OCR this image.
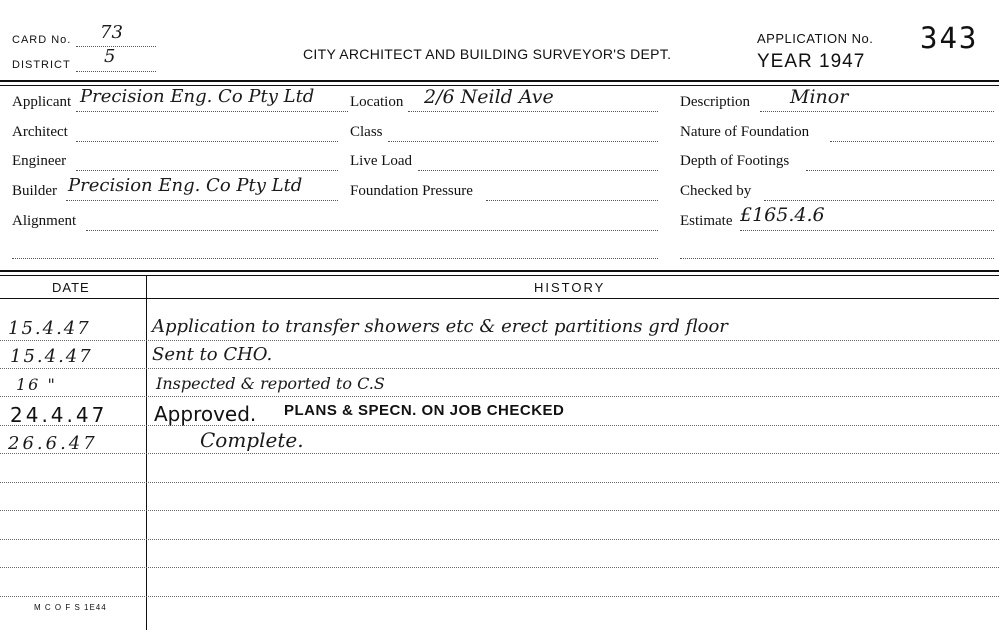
CARD No. 73
DISTRICT 5	CITY ARCHITECT AND BUILDING SURVEYOR'S DEPT.
APPLICATION No. 343
YEAR 1947
Applicant Precision Eng. Co Pty Ltd Location 2/6 Neild Ave	Description Minor
Architect	Class	Nature of Foundation
Engineer	Live Load	Depth of Footings
Builder Precision Eng. Co Pty Ltd	Foundation Pressure	Checked by
Alignment	Estimate £165.4.6
DATE	HISTORY
15.4.47	Application to transfer showers etc & erect partitions grd floor
15.4.47	Sent to CHO.
16 "	Inspected & reported to C.S
24.4.47 Approved. PLANS & SPECN. ON JOB CHECKED
26.6.47	Complete.
M C O F S 1E44
